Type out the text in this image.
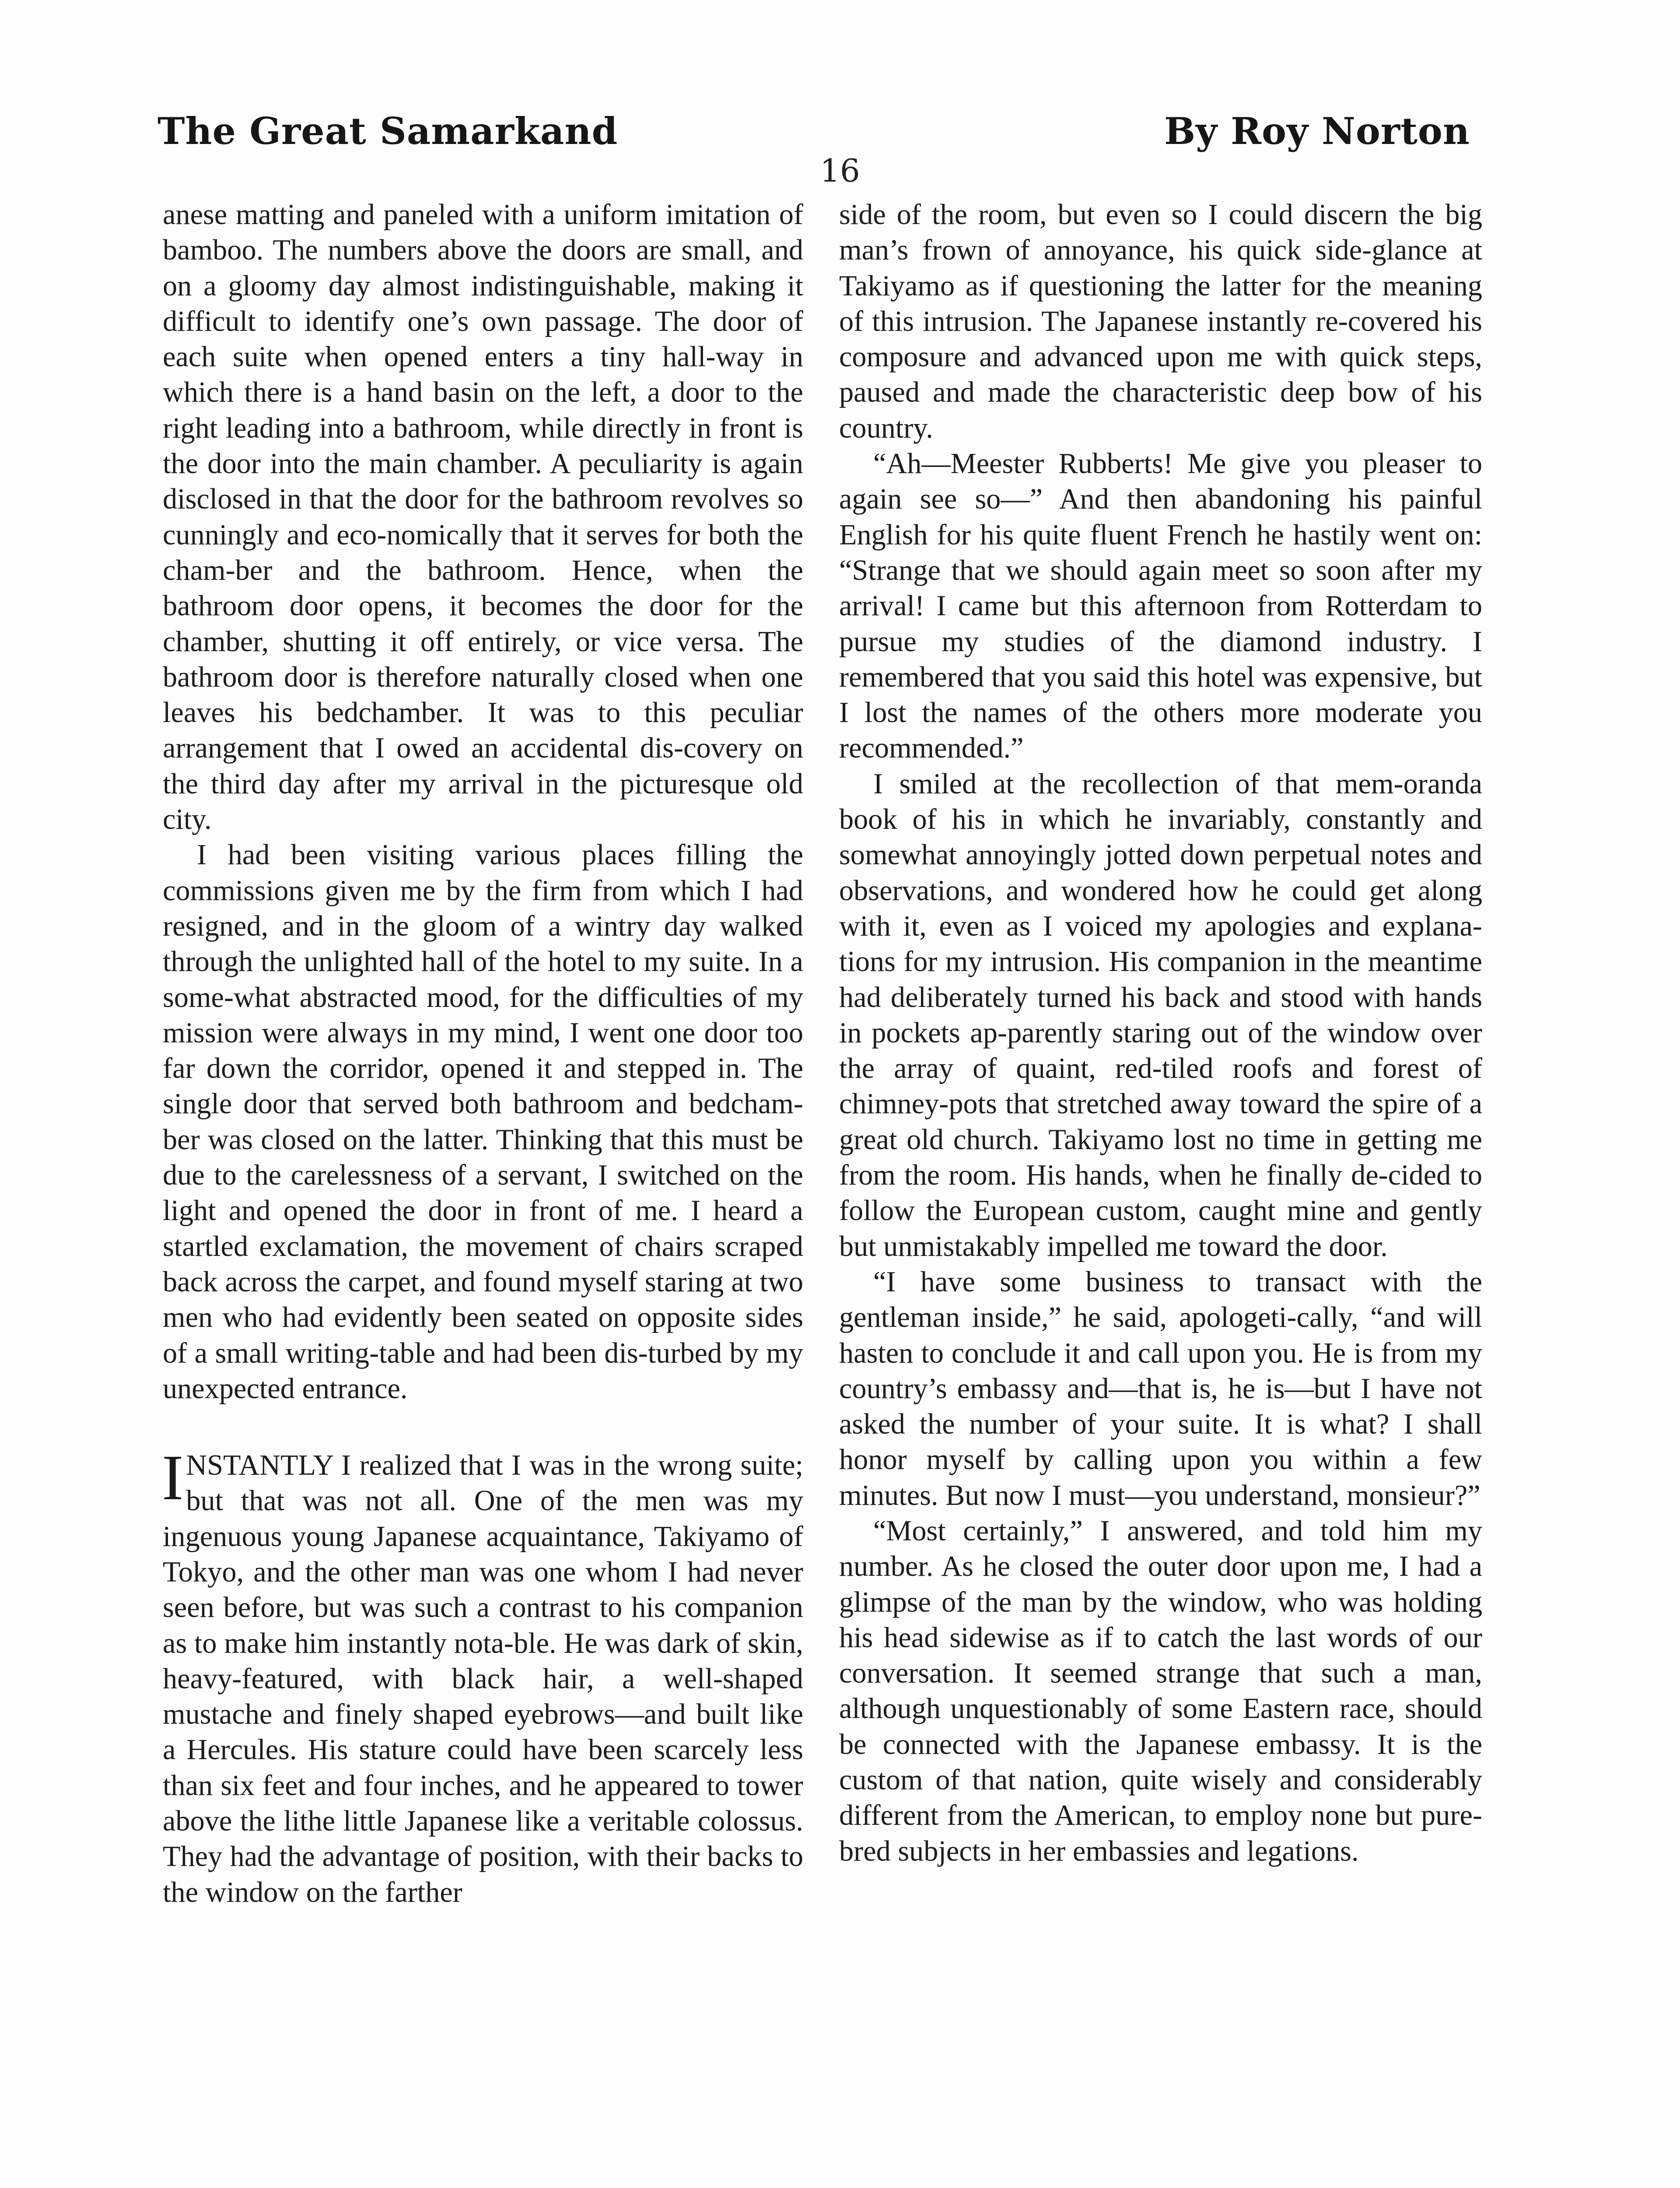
The Great Samarkand	By Roy Norton
16

anese matting and paneled with a uniform imitation of bamboo. The numbers above the doors are small, and on a gloomy day almost indistinguishable, making it difficult to identify one’s own passage. The door of each suite when opened enters a tiny hall-way in which there is a hand basin on the left, a door to the right leading into a bathroom, while directly in front is the door into the main chamber. A peculiarity is again disclosed in that the door for the bathroom revolves so cunningly and eco-nomically that it serves for both the cham-ber and the bathroom. Hence, when the bathroom door opens, it becomes the door for the chamber, shutting it off entirely, or vice versa. The bathroom door is therefore naturally closed when one leaves his bedchamber. It was to this peculiar arrangement that I owed an accidental dis-covery on the third day after my arrival in the picturesque old city.

I had been visiting various places filling the commissions given me by the firm from which I had resigned, and in the gloom of a wintry day walked through the unlighted hall of the hotel to my suite. In a some-what abstracted mood, for the difficulties of my mission were always in my mind, I went one door too far down the corridor, opened it and stepped in. The single door that served both bathroom and bedcham-ber was closed on the latter. Thinking that this must be due to the carelessness of a servant, I switched on the light and opened the door in front of me. I heard a startled exclamation, the movement of chairs scraped back across the carpet, and found myself staring at two men who had evidently been seated on opposite sides of a small writing-table and had been dis-turbed by my unexpected entrance.

INSTANTLY I realized that I was in the wrong suite; but that was not all. One of the men was my ingenuous young Japanese acquaintance, Takiyamo of Tokyo, and the other man was one whom I had never seen before, but was such a contrast to his companion as to make him instantly nota-ble. He was dark of skin, heavy-featured, with black hair, a well-shaped mustache and finely shaped eyebrows—and built like a Hercules. His stature could have been scarcely less than six feet and four inches, and he appeared to tower above the lithe little Japanese like a veritable colossus. They had the advantage of position, with their backs to the window on the farther

side of the room, but even so I could discern the big man’s frown of annoyance, his quick side-glance at Takiyamo as if questioning the latter for the meaning of this intrusion. The Japanese instantly re-covered his composure and advanced upon me with quick steps, paused and made the characteristic deep bow of his country.

“Ah—Meester Rubberts! Me give you pleaser to again see so—” And then abandoning his painful English for his quite fluent French he hastily went on: “Strange that we should again meet so soon after my arrival! I came but this afternoon from Rotterdam to pursue my studies of the diamond industry. I remembered that you said this hotel was expensive, but I lost the names of the others more moderate you recommended.”

I smiled at the recollection of that mem-oranda book of his in which he invariably, constantly and somewhat annoyingly jotted down perpetual notes and observations, and wondered how he could get along with it, even as I voiced my apologies and explana-tions for my intrusion. His companion in the meantime had deliberately turned his back and stood with hands in pockets ap-parently staring out of the window over the array of quaint, red-tiled roofs and forest of chimney-pots that stretched away toward the spire of a great old church. Takiyamo lost no time in getting me from the room. His hands, when he finally de-cided to follow the European custom, caught mine and gently but unmistakably impelled me toward the door.

“I have some business to transact with the gentleman inside,” he said, apologeti-cally, “and will hasten to conclude it and call upon you. He is from my country’s embassy and—that is, he is—but I have not asked the number of your suite. It is what? I shall honor myself by calling upon you within a few minutes. But now I must—you understand, monsieur?”

“Most certainly,” I answered, and told him my number. As he closed the outer door upon me, I had a glimpse of the man by the window, who was holding his head sidewise as if to catch the last words of our conversation. It seemed strange that such a man, although unquestionably of some Eastern race, should be connected with the Japanese embassy. It is the custom of that nation, quite wisely and considerably different from the American, to employ none but pure-bred subjects in her embassies and legations.
